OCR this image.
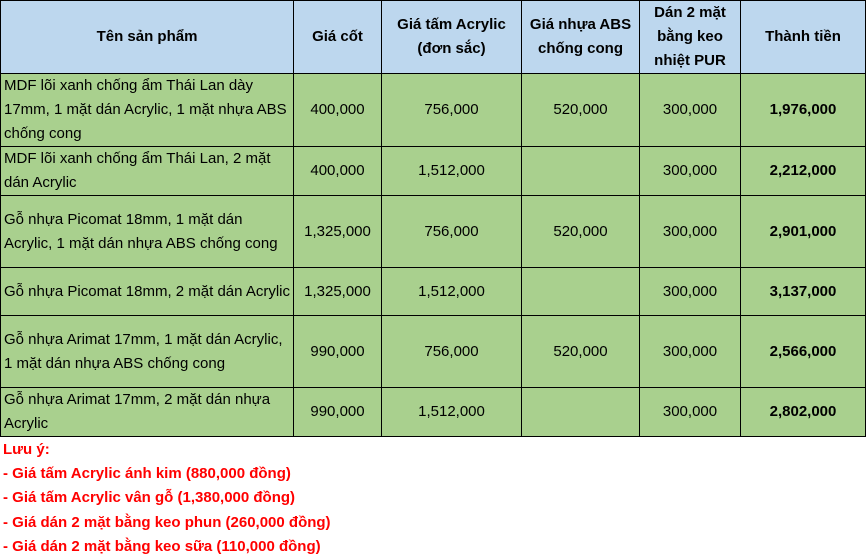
Tên sản phẩm	Giá cốt	Giá tấm Acrylic (đơn sắc)	Giá nhựa ABS chống cong	Dán 2 mặt bằng keo nhiệt PUR	Thành tiền
MDF lõi xanh chống ẩm Thái Lan dày 17mm, 1 mặt dán Acrylic, 1 mặt nhựa ABS chống cong	400,000	756,000	520,000	300,000	1,976,000
MDF lõi xanh chống ẩm Thái Lan, 2 mặt dán Acrylic	400,000	1,512,000		300,000	2,212,000
Gỗ nhựa Picomat 18mm, 1 mặt dán Acrylic, 1 mặt dán nhựa ABS chống cong	1,325,000	756,000	520,000	300,000	2,901,000
Gỗ nhựa Picomat 18mm, 2 mặt dán Acrylic	1,325,000	1,512,000		300,000	3,137,000
Gỗ nhựa Arimat 17mm, 1 mặt dán Acrylic, 1 mặt dán nhựa ABS chống cong	990,000	756,000	520,000	300,000	2,566,000
Gỗ nhựa Arimat 17mm, 2 mặt dán nhựa Acrylic	990,000	1,512,000		300,000	2,802,000
Lưu ý:
- Giá tấm Acrylic ánh kim (880,000 đồng)
- Giá tấm Acrylic vân gỗ (1,380,000 đồng)
- Giá dán 2 mặt bằng keo phun (260,000 đồng)
- Giá dán 2 mặt bằng keo sữa (110,000 đồng)
